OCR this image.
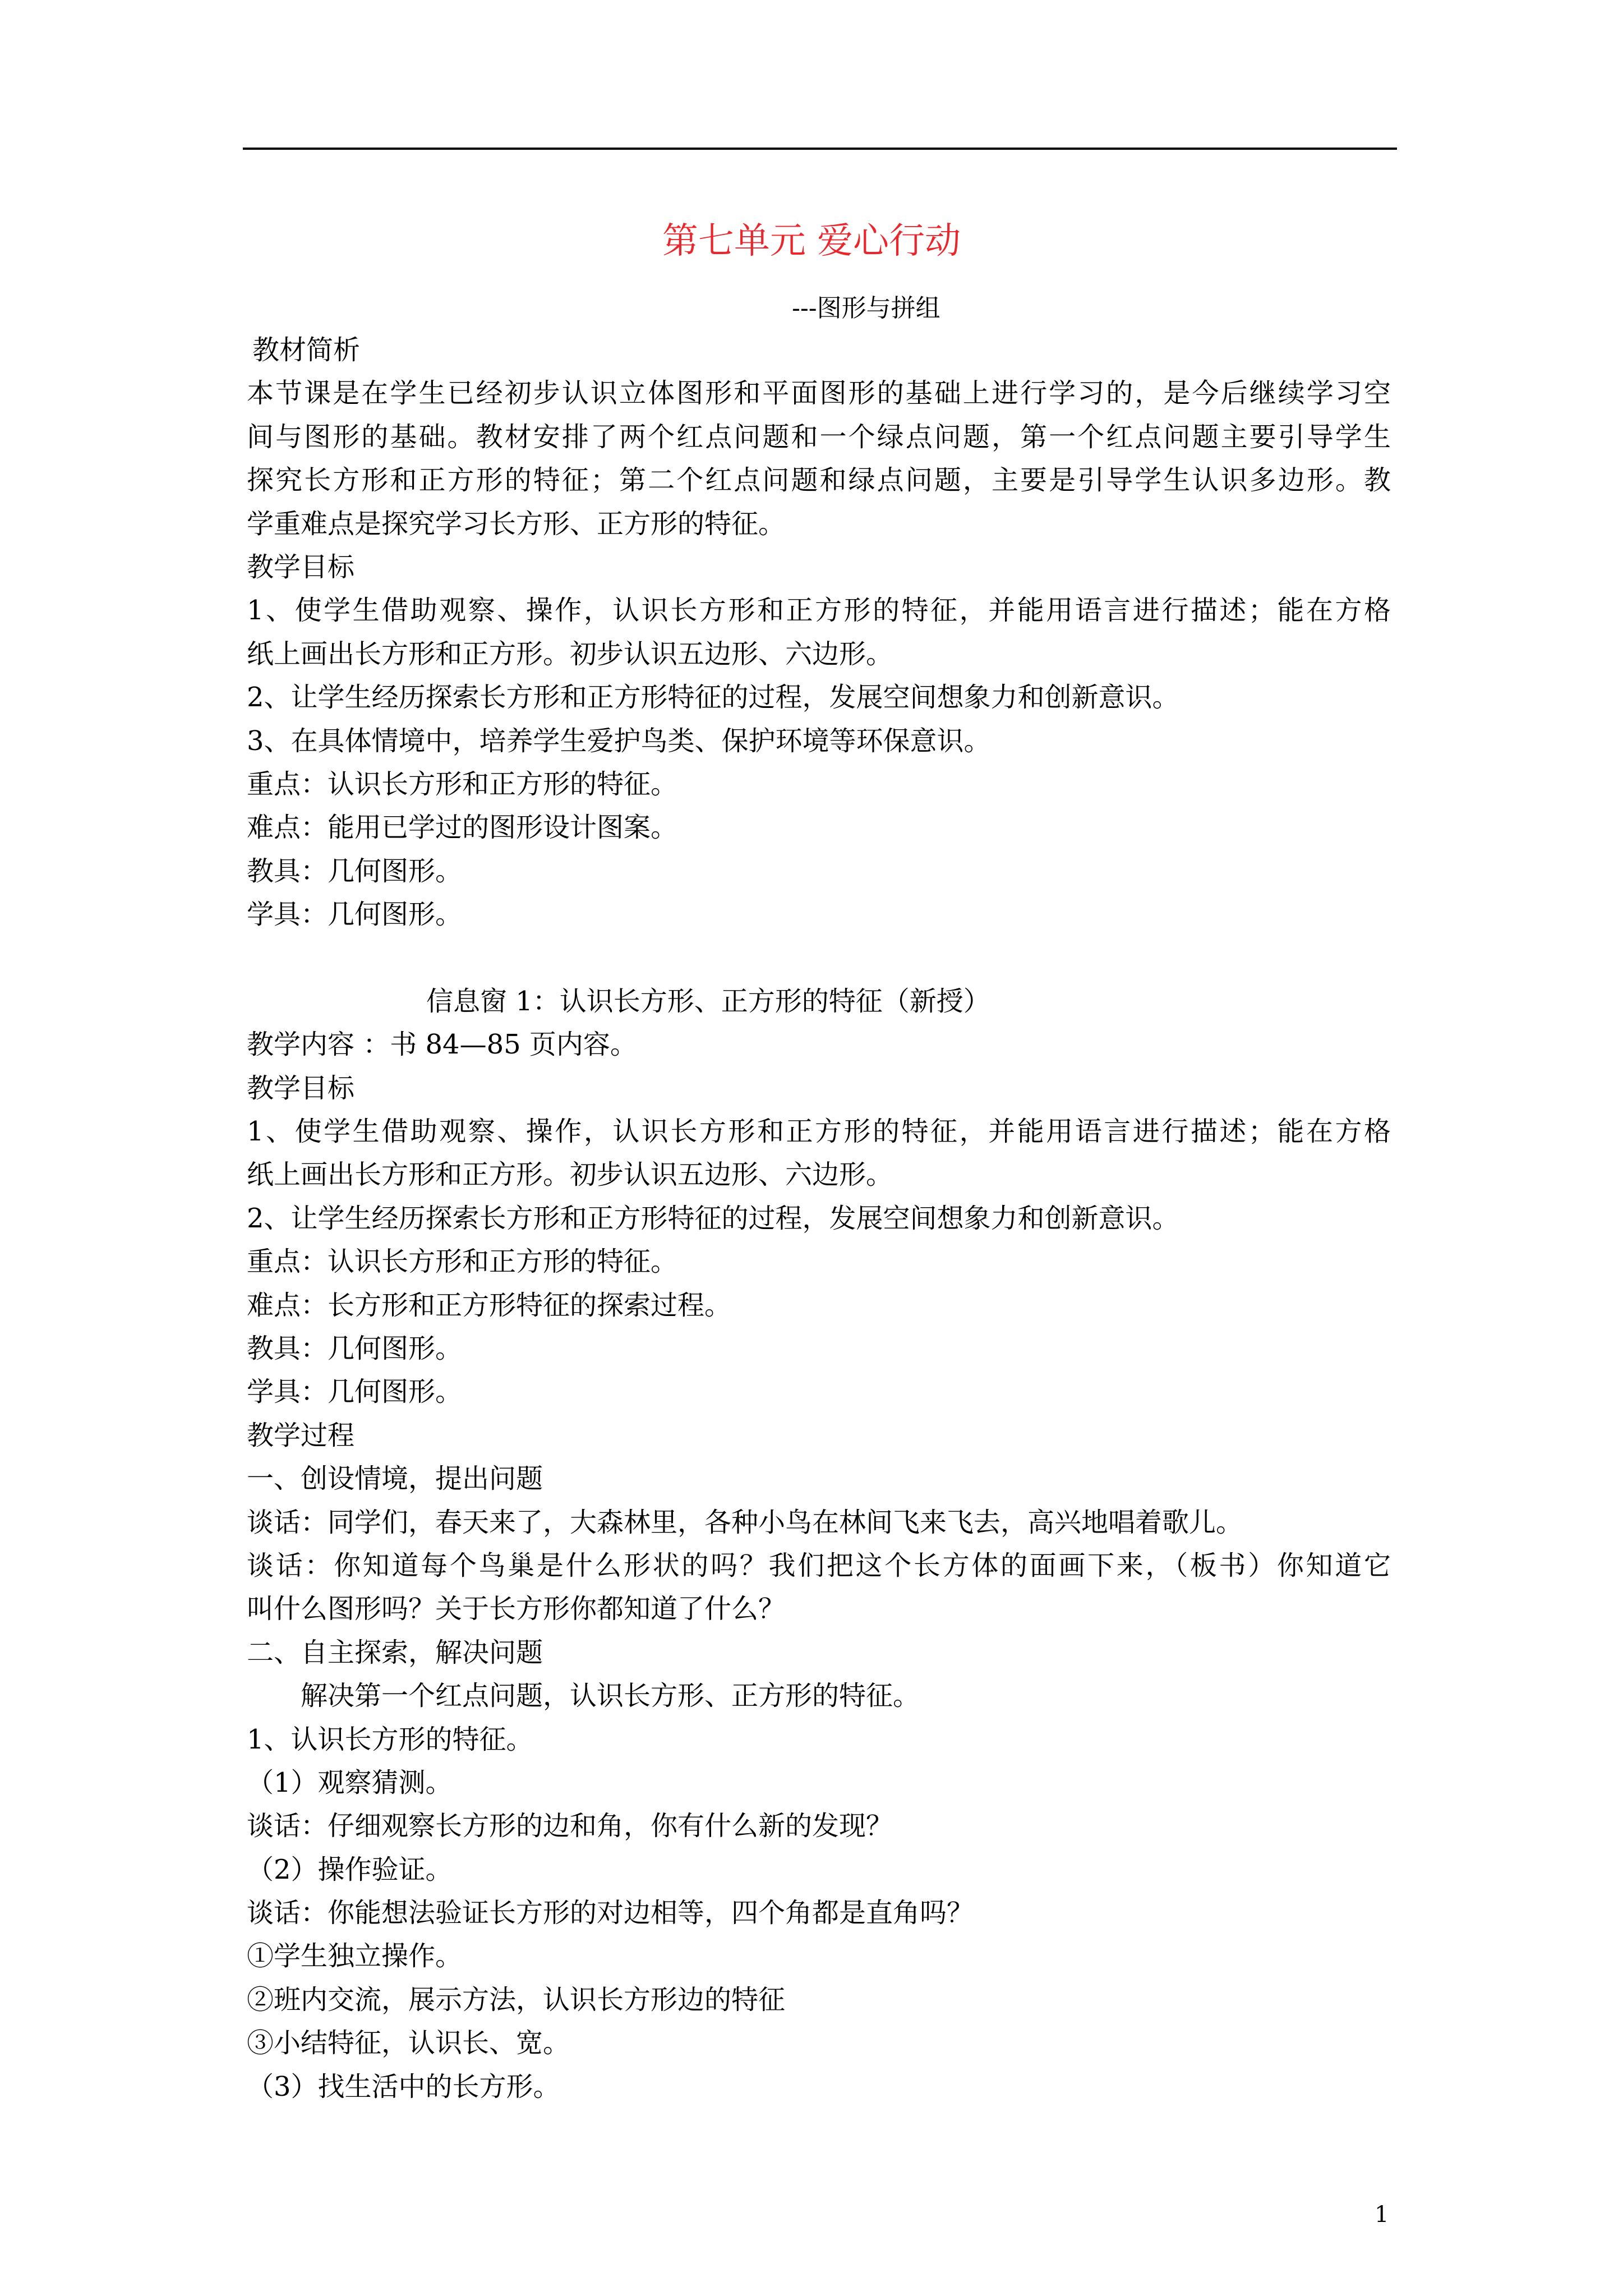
第七单元 爱心行动
---图形与拼组
教材简析
本节课是在学生已经初步认识立体图形和平面图形的基础上进行学习的，是今后继续学习空
间与图形的基础。教材安排了两个红点问题和一个绿点问题，第一个红点问题主要引导学生
探究长方形和正方形的特征；第二个红点问题和绿点问题，主要是引导学生认识多边形。教
学重难点是探究学习长方形、正方形的特征。
教学目标
1、使学生借助观察、操作，认识长方形和正方形的特征，并能用语言进行描述；能在方格
纸上画出长方形和正方形。初步认识五边形、六边形。
2、让学生经历探索长方形和正方形特征的过程，发展空间想象力和创新意识。
3、在具体情境中，培养学生爱护鸟类、保护环境等环保意识。
重点：认识长方形和正方形的特征。
难点：能用已学过的图形设计图案。
教具：几何图形。
学具：几何图形。
信息窗 1：认识长方形、正方形的特征（新授）
教学内容 ：书 84—85 页内容。
教学目标
1、使学生借助观察、操作，认识长方形和正方形的特征，并能用语言进行描述；能在方格
纸上画出长方形和正方形。初步认识五边形、六边形。
2、让学生经历探索长方形和正方形特征的过程，发展空间想象力和创新意识。
重点：认识长方形和正方形的特征。
难点：长方形和正方形特征的探索过程。
教具：几何图形。
学具：几何图形。
教学过程
一、创设情境，提出问题
谈话：同学们，春天来了，大森林里，各种小鸟在林间飞来飞去，高兴地唱着歌儿。
谈话：你知道每个鸟巢是什么形状的吗？我们把这个长方体的面画下来，（板书）你知道它
叫什么图形吗？关于长方形你都知道了什么？
二、自主探索，解决问题
解决第一个红点问题，认识长方形、正方形的特征。
1、认识长方形的特征。
（1）观察猜测。
谈话：仔细观察长方形的边和角，你有什么新的发现？
（2）操作验证。
谈话：你能想法验证长方形的对边相等，四个角都是直角吗？
①学生独立操作。
②班内交流，展示方法，认识长方形边的特征
③小结特征，认识长、宽。
（3）找生活中的长方形。
1
